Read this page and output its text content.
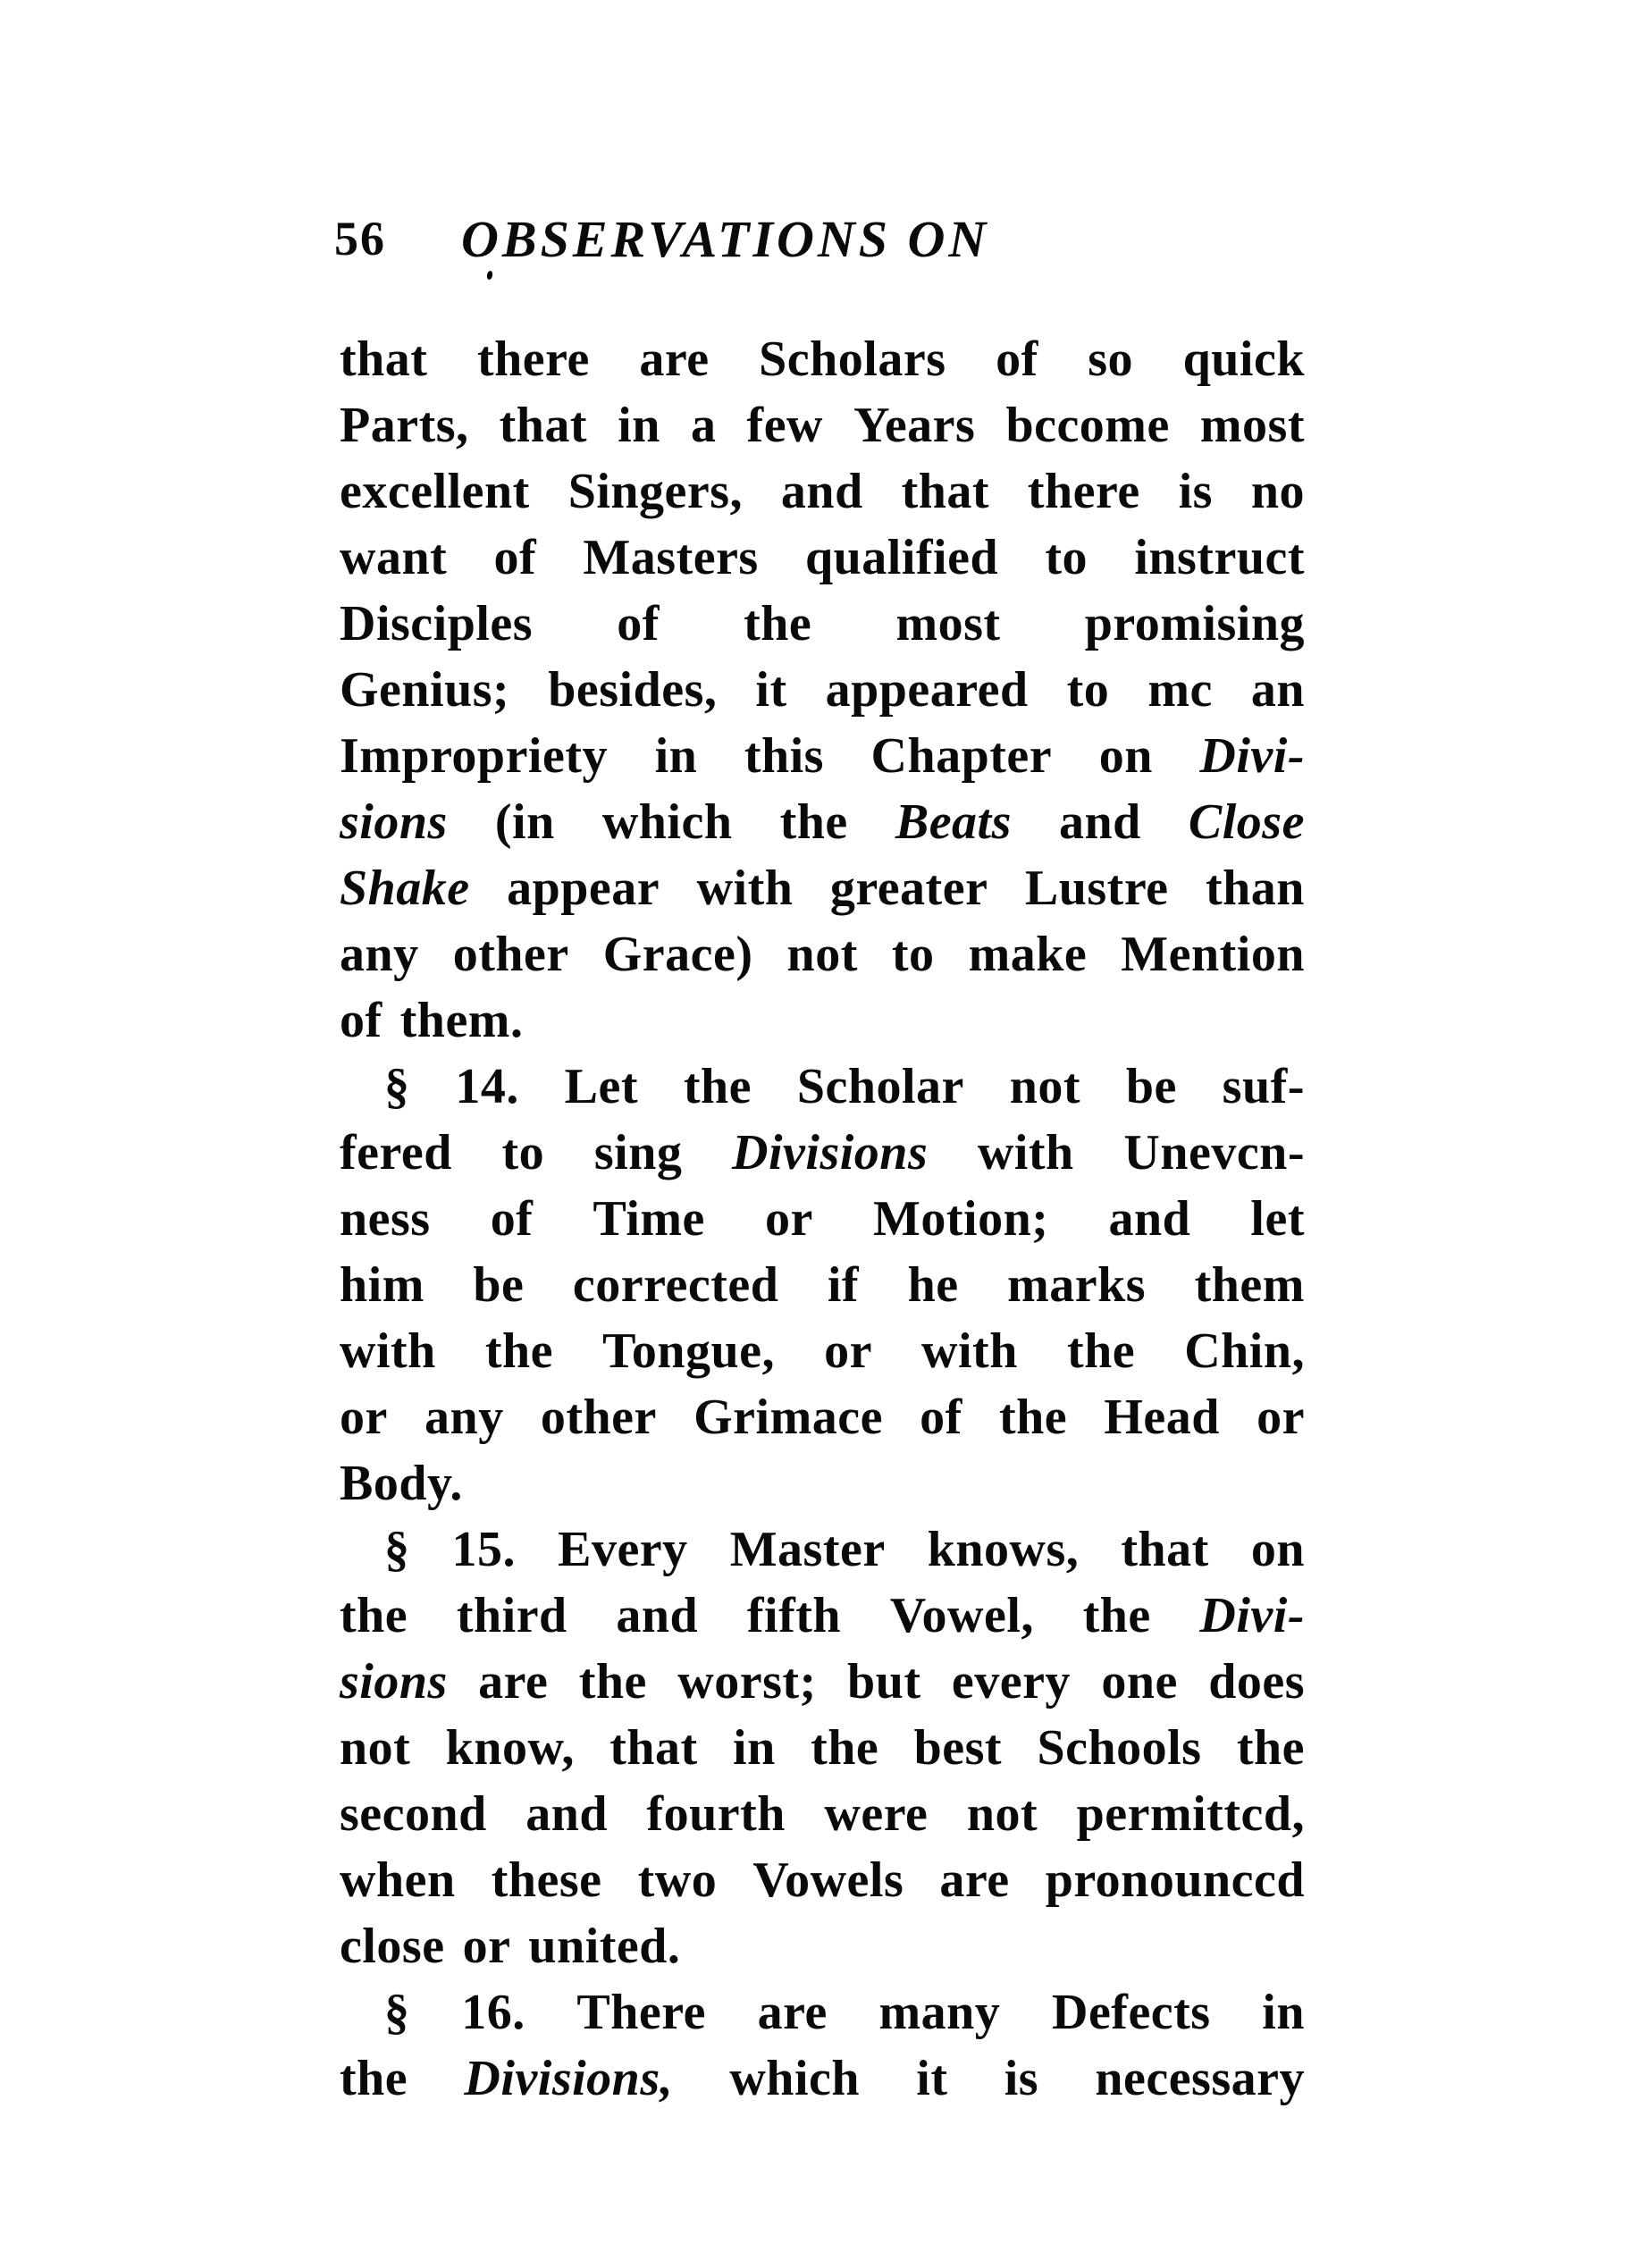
56 OBSERVATIONS ON
that there are Scholars of so quick
Parts, that in a few Years bccome most
excellent Singers, and that there is no
want of Masters qualified to instruct
Disciples of the most promising
Genius; besides, it appeared to mc an
Impropriety in this Chapter on Divi-
sions (in which the Beats and Close
Shake appear with greater Lustre than
any other Grace) not to make Mention
of them.
§ 14. Let the Scholar not be suf-
fered to sing Divisions with Unevcn-
ness of Time or Motion; and let
him be corrected if he marks them
with the Tongue, or with the Chin,
or any other Grimace of the Head or
Body.
§ 15. Every Master knows, that on
the third and fifth Vowel, the Divi-
sions are the worst; but every one does
not know, that in the best Schools the
second and fourth were not permittcd,
when these two Vowels are pronounccd
close or united.
§ 16. There are many Defects in
the Divisions, which it is necessary
